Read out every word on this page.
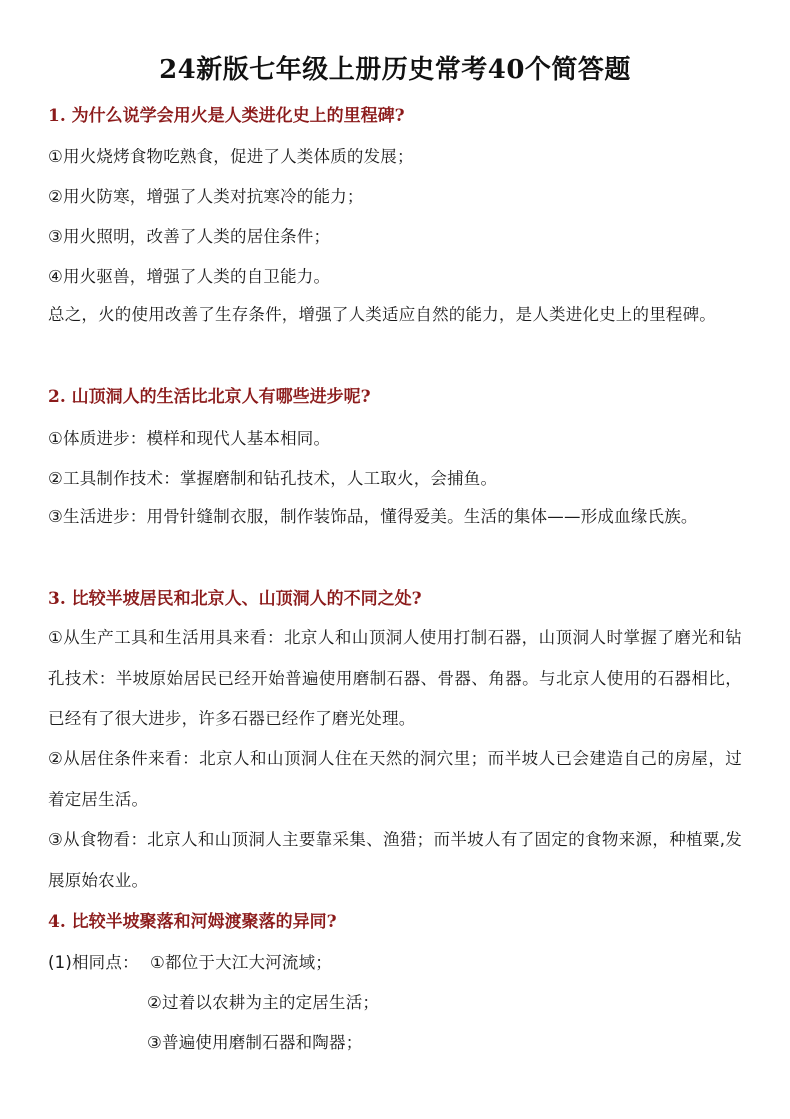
24新版七年级上册历史常考40个简答题
1. 为什么说学会用火是人类进化史上的里程碑?
①用火烧烤食物吃熟食，促进了人类体质的发展；
②用火防寒，增强了人类对抗寒冷的能力；
③用火照明，改善了人类的居住条件；
④用火驱兽，增强了人类的自卫能力。
总之，火的使用改善了生存条件，增强了人类适应自然的能力，是人类进化史上的里程碑。
2. 山顶洞人的生活比北京人有哪些进步呢?
①体质进步：模样和现代人基本相同。
②工具制作技术：掌握磨制和钻孔技术，人工取火，会捕鱼。
③生活进步：用骨针缝制衣服，制作装饰品，懂得爱美。生活的集体——形成血缘氏族。
3. 比较半坡居民和北京人、山顶洞人的不同之处?
①从生产工具和生活用具来看：北京人和山顶洞人使用打制石器，山顶洞人时掌握了磨光和钻孔技术：半坡原始居民已经开始普遍使用磨制石器、骨器、角器。与北京人使用的石器相比，已经有了很大进步，许多石器已经作了磨光处理。
②从居住条件来看：北京人和山顶洞人住在天然的洞穴里；而半坡人已会建造自己的房屋，过着定居生活。
③从食物看：北京人和山顶洞人主要靠采集、渔猎；而半坡人有了固定的食物来源，种植粟,发展原始农业。
4. 比较半坡聚落和河姆渡聚落的异同?
(1)相同点： ①都位于大江大河流域；
②过着以农耕为主的定居生活；
③普遍使用磨制石器和陶器；
